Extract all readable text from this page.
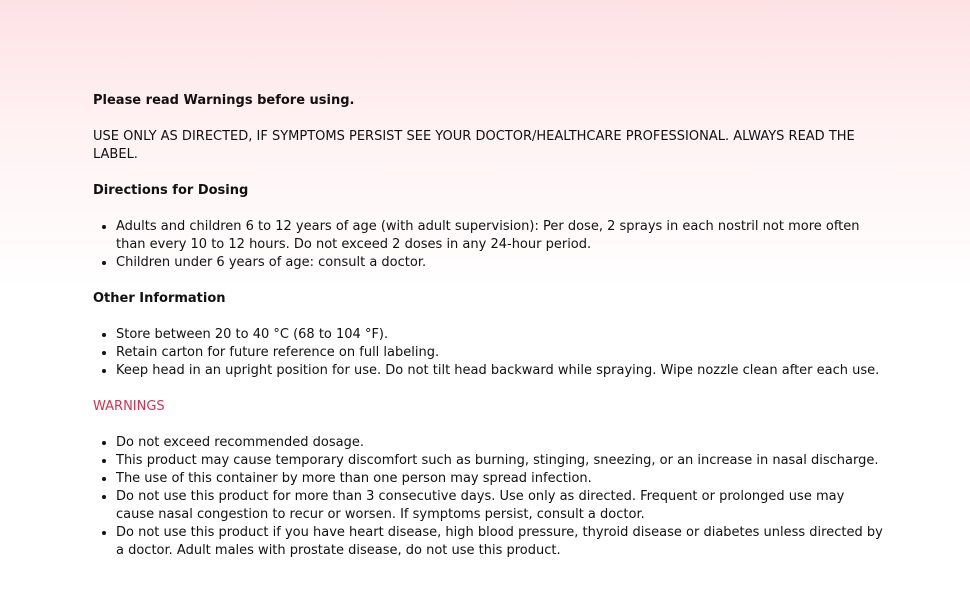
Please read Warnings before using.

USE ONLY AS DIRECTED, IF SYMPTOMS PERSIST SEE YOUR DOCTOR/HEALTHCARE PROFESSIONAL. ALWAYS READ THE LABEL.

Directions for Dosing

• Adults and children 6 to 12 years of age (with adult supervision): Per dose, 2 sprays in each nostril not more often than every 10 to 12 hours. Do not exceed 2 doses in any 24-hour period.
• Children under 6 years of age: consult a doctor.

Other Information

• Store between 20 to 40 °C (68 to 104 °F).
• Retain carton for future reference on full labeling.
• Keep head in an upright position for use. Do not tilt head backward while spraying. Wipe nozzle clean after each use.

WARNINGS

• Do not exceed recommended dosage.
• This product may cause temporary discomfort such as burning, stinging, sneezing, or an increase in nasal discharge.
• The use of this container by more than one person may spread infection.
• Do not use this product for more than 3 consecutive days. Use only as directed. Frequent or prolonged use may cause nasal congestion to recur or worsen. If symptoms persist, consult a doctor.
• Do not use this product if you have heart disease, high blood pressure, thyroid disease or diabetes unless directed by a doctor. Adult males with prostate disease, do not use this product.
